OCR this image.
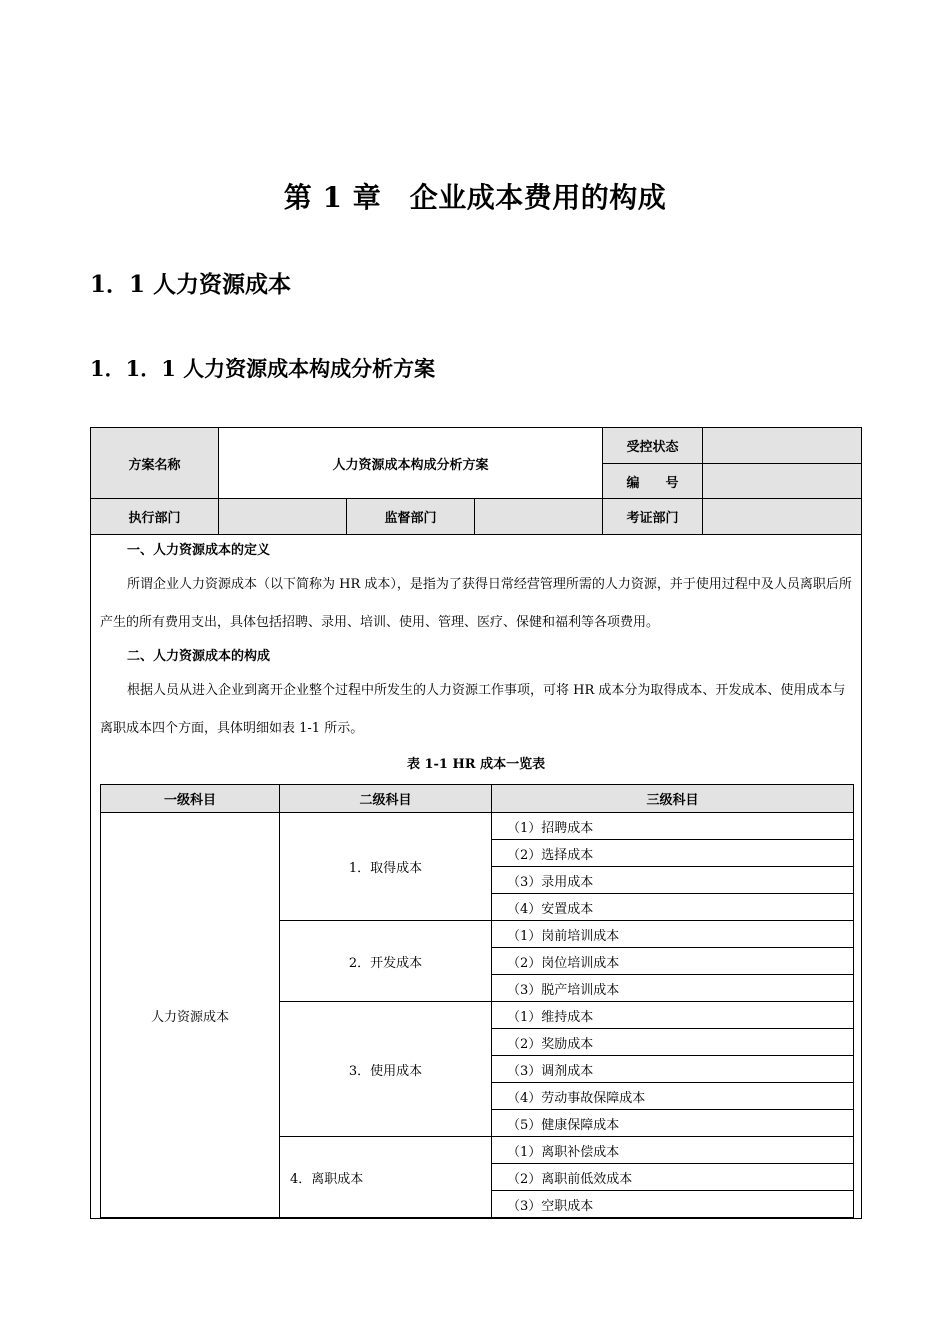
第 1 章　企业成本费用的构成
1．1 人力资源成本
1．1．1 人力资源成本构成分析方案
方案名称	人力资源成本构成分析方案	受控状态	
编　　号	
执行部门		监督部门		考证部门	

一、人力资源成本的定义

所谓企业人力资源成本（以下简称为 HR 成本），是指为了获得日常经营管理所需的人力资源，并于使用过程中及人员离职后所产生的所有费用支出，具体包括招聘、录用、培训、使用、管理、医疗、保健和福利等各项费用。

二、人力资源成本的构成

根据人员从进入企业到离开企业整个过程中所发生的人力资源工作事项，可将 HR 成本分为取得成本、开发成本、使用成本与离职成本四个方面，具体明细如表 1-1 所示。

表 1-1 HR 成本一览表
一级科目	二级科目	三级科目
人力资源成本	1．取得成本	（1）招聘成本
（2）选择成本
（3）录用成本
（4）安置成本
2．开发成本	（1）岗前培训成本
（2）岗位培训成本
（3）脱产培训成本
3．使用成本	（1）维持成本
（2）奖励成本
（3）调剂成本
（4）劳动事故保障成本
（5）健康保障成本
4．离职成本	（1）离职补偿成本
（2）离职前低效成本
（3）空职成本
